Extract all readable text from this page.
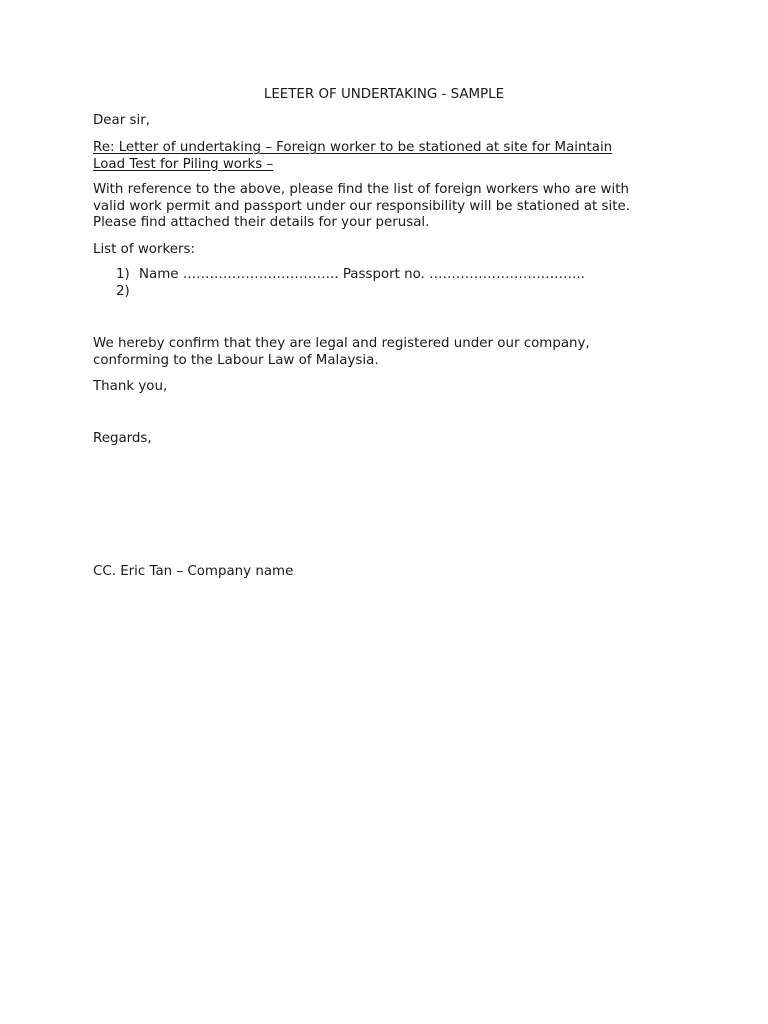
LEETER OF UNDERTAKING - SAMPLE

Dear sir,

Re: Letter of undertaking – Foreign worker to be stationed at site for Maintain
Load Test for Piling works –
With reference to the above, please find the list of foreign workers who are with
valid work permit and passport under our responsibility will be stationed at site.
Please find attached their details for your perusal.

List of workers:

1) Name …………………………….. Passport no. ……………………………..
2)
We hereby confirm that they are legal and registered under our company,
conforming to the Labour Law of Malaysia.

Thank you,

Regards,

CC. Eric Tan – Company name
